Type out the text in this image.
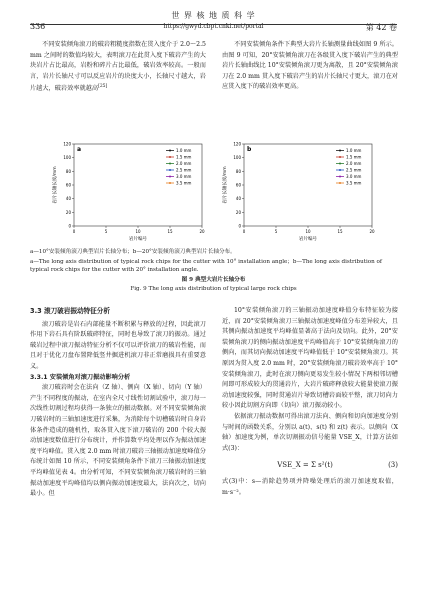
世 界 核 地 质 科 学
336	https://gwyd.cbpt.cnki.net/portal	第 42 卷

不同安装倾角滚刀的破岩粗糙度指数在贯入度介于 2.0～2.5 mm 之间时的数值均较大，表明滚刀在此贯入度下破岩产生的大块岩片占比最高，岩粉和碎片占比最低，破岩效率较高。一般而言，岩片长轴尺寸可以反应岩片的块度大小，长轴尺寸越大，岩片越大，破岩效率就越高[25]

不同安装倾角条件下典型大岩片长轴测量曲线如图 9 所示。由图 9 可知，20°安装倾角滚刀在各级贯入度下破岩产生的典型岩片长轴曲线比 10°安装倾角滚刀更为离散，且 20°安装倾角滚刀在 2.0 mm 贯入度下破岩产生的岩片长轴尺寸更大，滚刀在对应贯入度下的破岩效率更高。

0
20
40
60
80
100
120
0	5	10	15	20
岩片编号
岩片长轴长度/mm
a	1.0 mm
1.5 mm
2.0 mm
2.5 mm
3.0 mm
3.5 mm
0
20
40
60
80
100
120
0	5	10	15	20
岩片编号
岩片长轴长度/mm
b	1.0 mm
1.5 mm
2.0 mm
2.5 mm
3.0 mm
3.5 mm
a—10°安装倾角滚刀典型岩片长轴分布；b—20°安装倾角滚刀典型岩片长轴分布。
a—The long axis distribution of typical rock chips for the cutter with 10° installation angle；b—The long axis distribution of typical rock chips for the cutter with 20° installation angle.
图 9 典型大岩片长轴分布
Fig. 9 The long axis distribution of typical large rock chips
3.3 滚刀破岩振动特征分析

滚刀破岩是岩石内部能量不断积累与释放的过程，因此滚刀作用下岩石具有阶跃破碎特征，同时也导致了滚刀的振动。通过破岩过程中滚刀振动特征分析不仅可以评价滚刀的破岩性能，而且对于优化刀盘布置降低竖井掘进机滚刀非正常磨损具有重要意义。

3.3.1 安装倾角对滚刀振动影响分析

滚刀破岩时会在法向（Z 轴）、侧向（X 轴）、切向（Y 轴）产生不同程度的振动，在室内全尺寸线性切割试验中，滚刀每一次线性切割过程均获得一条独立的振动数据。对不同安装倾角滚刀破岩时的三轴加速度进行采集，为消除每个切槽破岩时自身岩体条件造成的随机性，取各贯入度下滚刀破岩的 200 个较大振动加速度数值进行分布统计，并作算数平均处理以作为振动加速度平均峰值。贯入度 2.0 mm 时滚刀破岩三轴振动加速度峰值分布统计如图 10 所示，不同安装倾角条件下滚刀三轴振动加速度平均峰值见表 4。由分析可知，不同安装倾角滚刀破岩时的三轴振动加速度平均峰值均以侧向振动加速度最大，法向次之，切向最小。但

10°安装倾角滚刀的三轴振动加速度峰值分布特征较为接近，而 20°安装倾角滚刀三轴振动加速度峰值分布差异较大，且其侧向振动加速度平均峰值显著高于法向及切向。此外，20°安装倾角滚刀的侧向振动加速度平均峰值高于 10°安装倾角滚刀的侧向，而其切向振动加速度平均峰值低于 10°安装倾角滚刀。其原因为贯入度 2.0 mm 时，20°安装倾角滚刀破岩效率高于 10°安装倾角滚刀，此时在滚刀侧向更易发生较小情况下两相邻切槽间即可形成较大的贯通岩片，大岩片破碎释放较大能量使滚刀振动加速度较强，同时贯通岩片导致切槽岩面较平整，滚刀切向力较小因此切割方向即（切向）滚刀振动较小。

依据滚刀振动数据可得出滚刀法向、侧向和切向加速度分别与时间的函数关系，分别以 a(t)、s(t) 和 z(t) 表示。以侧向（X 轴）加速度为例，单次切割振动信号能量 VSE_X，计算方法如式(3)：

VSE_X = Σ s²(t)	(3)

式(3)中：s—消除趋势项并降噪处理后的滚刀加速度取值，m·s⁻²。
